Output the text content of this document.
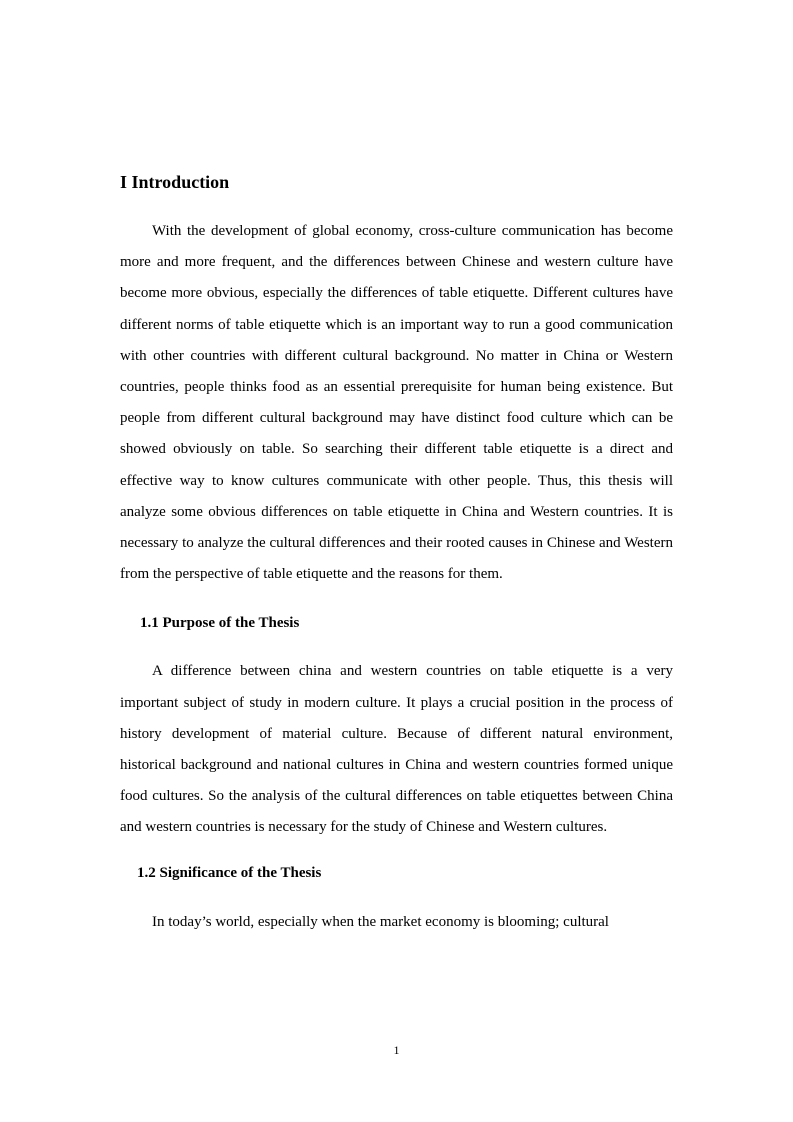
I Introduction

With the development of global economy, cross-culture communication has become more and more frequent, and the differences between Chinese and western culture have become more obvious, especially the differences of table etiquette. Different cultures have different norms of table etiquette which is an important way to run a good communication with other countries with different cultural background. No matter in China or Western countries, people thinks food as an essential prerequisite for human being existence. But people from different cultural background may have distinct food culture which can be showed obviously on table. So searching their different table etiquette is a direct and effective way to know cultures communicate with other people. Thus, this thesis will analyze some obvious differences on table etiquette in China and Western countries. It is necessary to analyze the cultural differences and their rooted causes in Chinese and Western from the perspective of table etiquette and the reasons for them.

1.1 Purpose of the Thesis

A difference between china and western countries on table etiquette is a very important subject of study in modern culture. It plays a crucial position in the process of history development of material culture. Because of different natural environment, historical background and national cultures in China and western countries formed unique food cultures. So the analysis of the cultural differences on table etiquettes between China and western countries is necessary for the study of Chinese and Western cultures.

1.2 Significance of the Thesis

In today’s world, especially when the market economy is blooming; cultural

1
